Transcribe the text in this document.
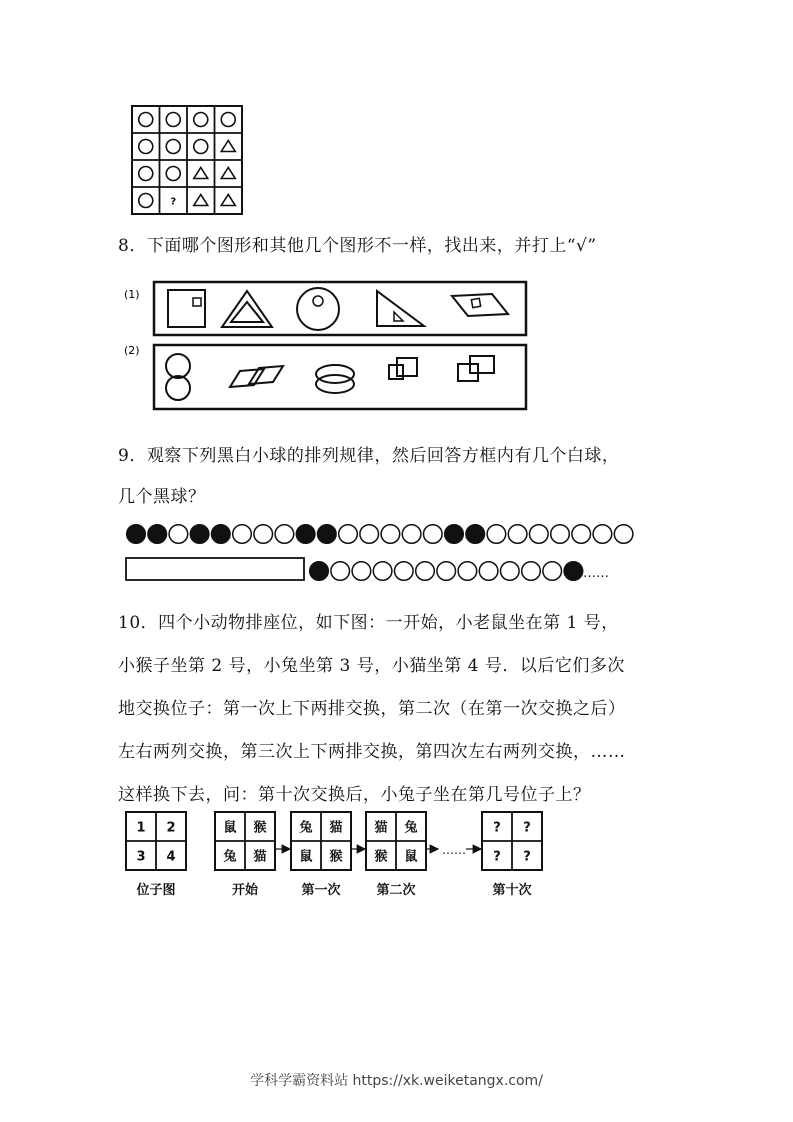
?
8．下面哪个图形和其他几个图形不一样，找出来，并打上“√”
(1)
(2)
9．观察下列黑白小球的排列规律，然后回答方框内有几个白球，
几个黑球？
……
10．四个小动物排座位，如下图：一开始，小老鼠坐在第 1 号，
小猴子坐第 2 号，小兔坐第 3 号，小猫坐第 4 号．以后它们多次
地交换位子：第一次上下两排交换，第二次（在第一次交换之后）
左右两列交换，第三次上下两排交换，第四次左右两列交换，……
这样换下去，问：第十次交换后，小兔子坐在第几号位子上？
1 2
3 4
位子图
鼠 猴
兔 猫
开始
兔 猫
鼠 猴
第一次
猫 兔
猴 鼠
第二次
? ?
? ?
第十次
……
学科学霸资料站 https://xk.weiketangx.com/
